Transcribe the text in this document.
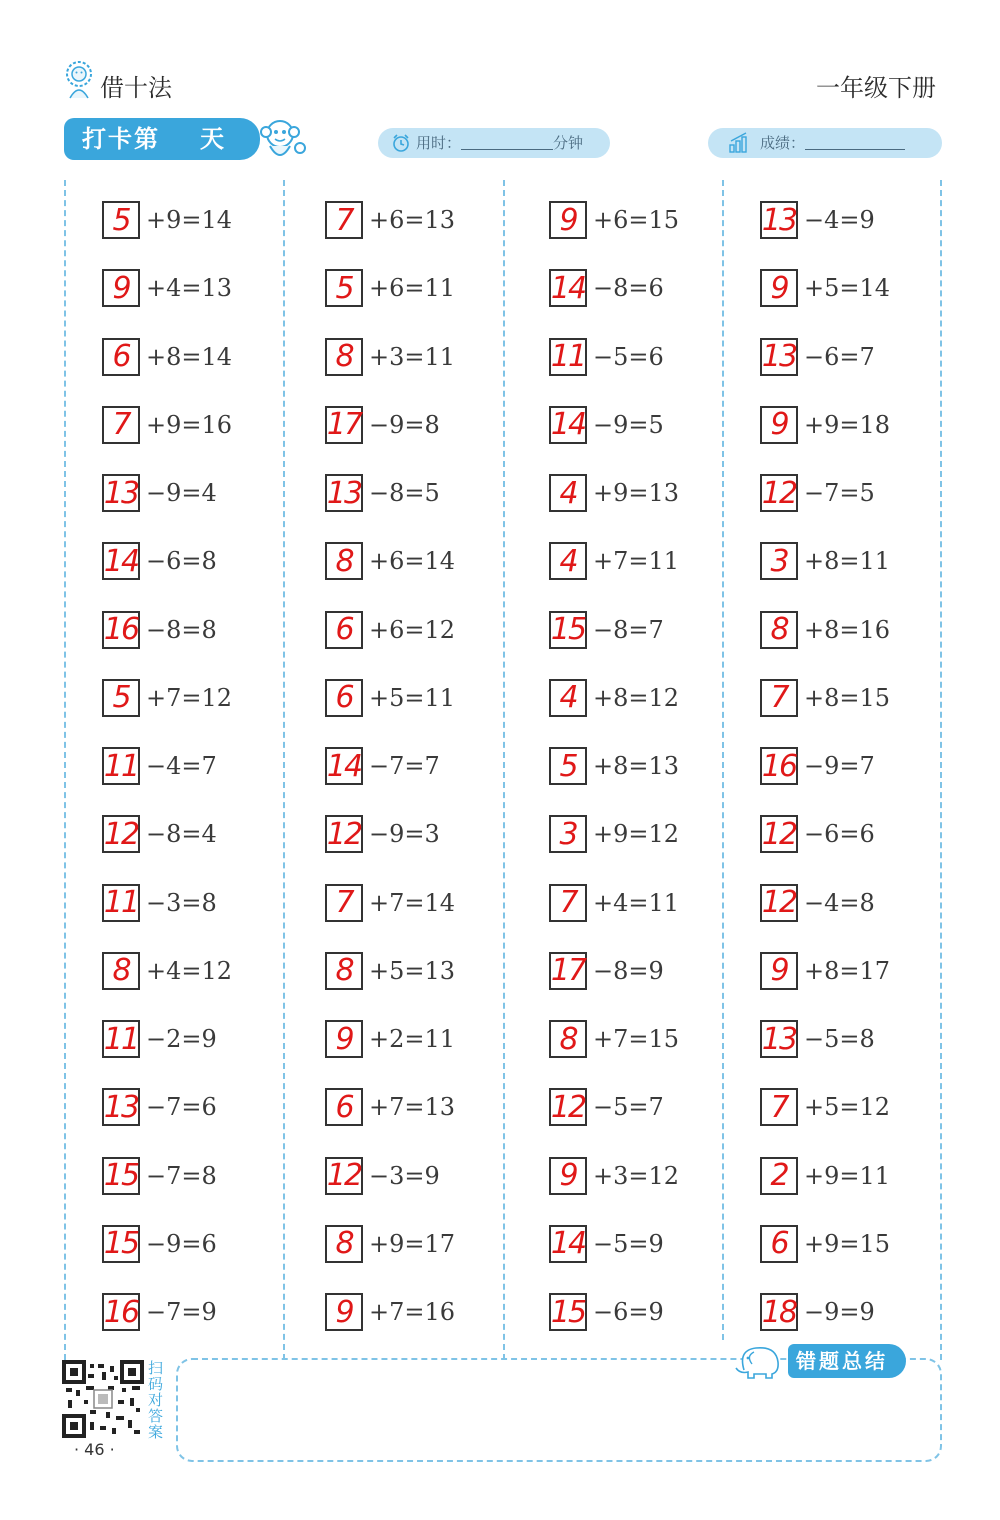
借十法	一年级下册
打卡第 天	用时：	分钟	成绩：
5 +9=14
9 +4=13
6 +8=14
7 +9=16
13 −9=4
14 −6=8
16 −8=8
5 +7=12
11 −4=7
12 −8=4
11 −3=8
8 +4=12
11 −2=9
13 −7=6
15 −7=8
15 −9=6
16 −7=9
7 +6=13
5 +6=11
8 +3=11
17 −9=8
13 −8=5
8 +6=14
6 +6=12
6 +5=11
14 −7=7
12 −9=3
7 +7=14
8 +5=13
9 +2=11
6 +7=13
12 −3=9
8 +9=17
9 +7=16
9 +6=15
14 −8=6
11 −5=6
14 −9=5
4 +9=13
4 +7=11
15 −8=7
4 +8=12
5 +8=13
3 +9=12
7 +4=11
17 −8=9
8 +7=15
12 −5=7
9 +3=12
14 −5=9
15 −6=9
13 −4=9
9 +5=14
13 −6=7
9 +9=18
12 −7=5
3 +8=11
8 +8=16
7 +8=15
16 −9=7
12 −6=6
12 −4=8
9 +8=17
13 −5=8
7 +5=12
2 +9=11
6 +9=15
18 −9=9
扫码对答案
· 46 ·
错题总结
